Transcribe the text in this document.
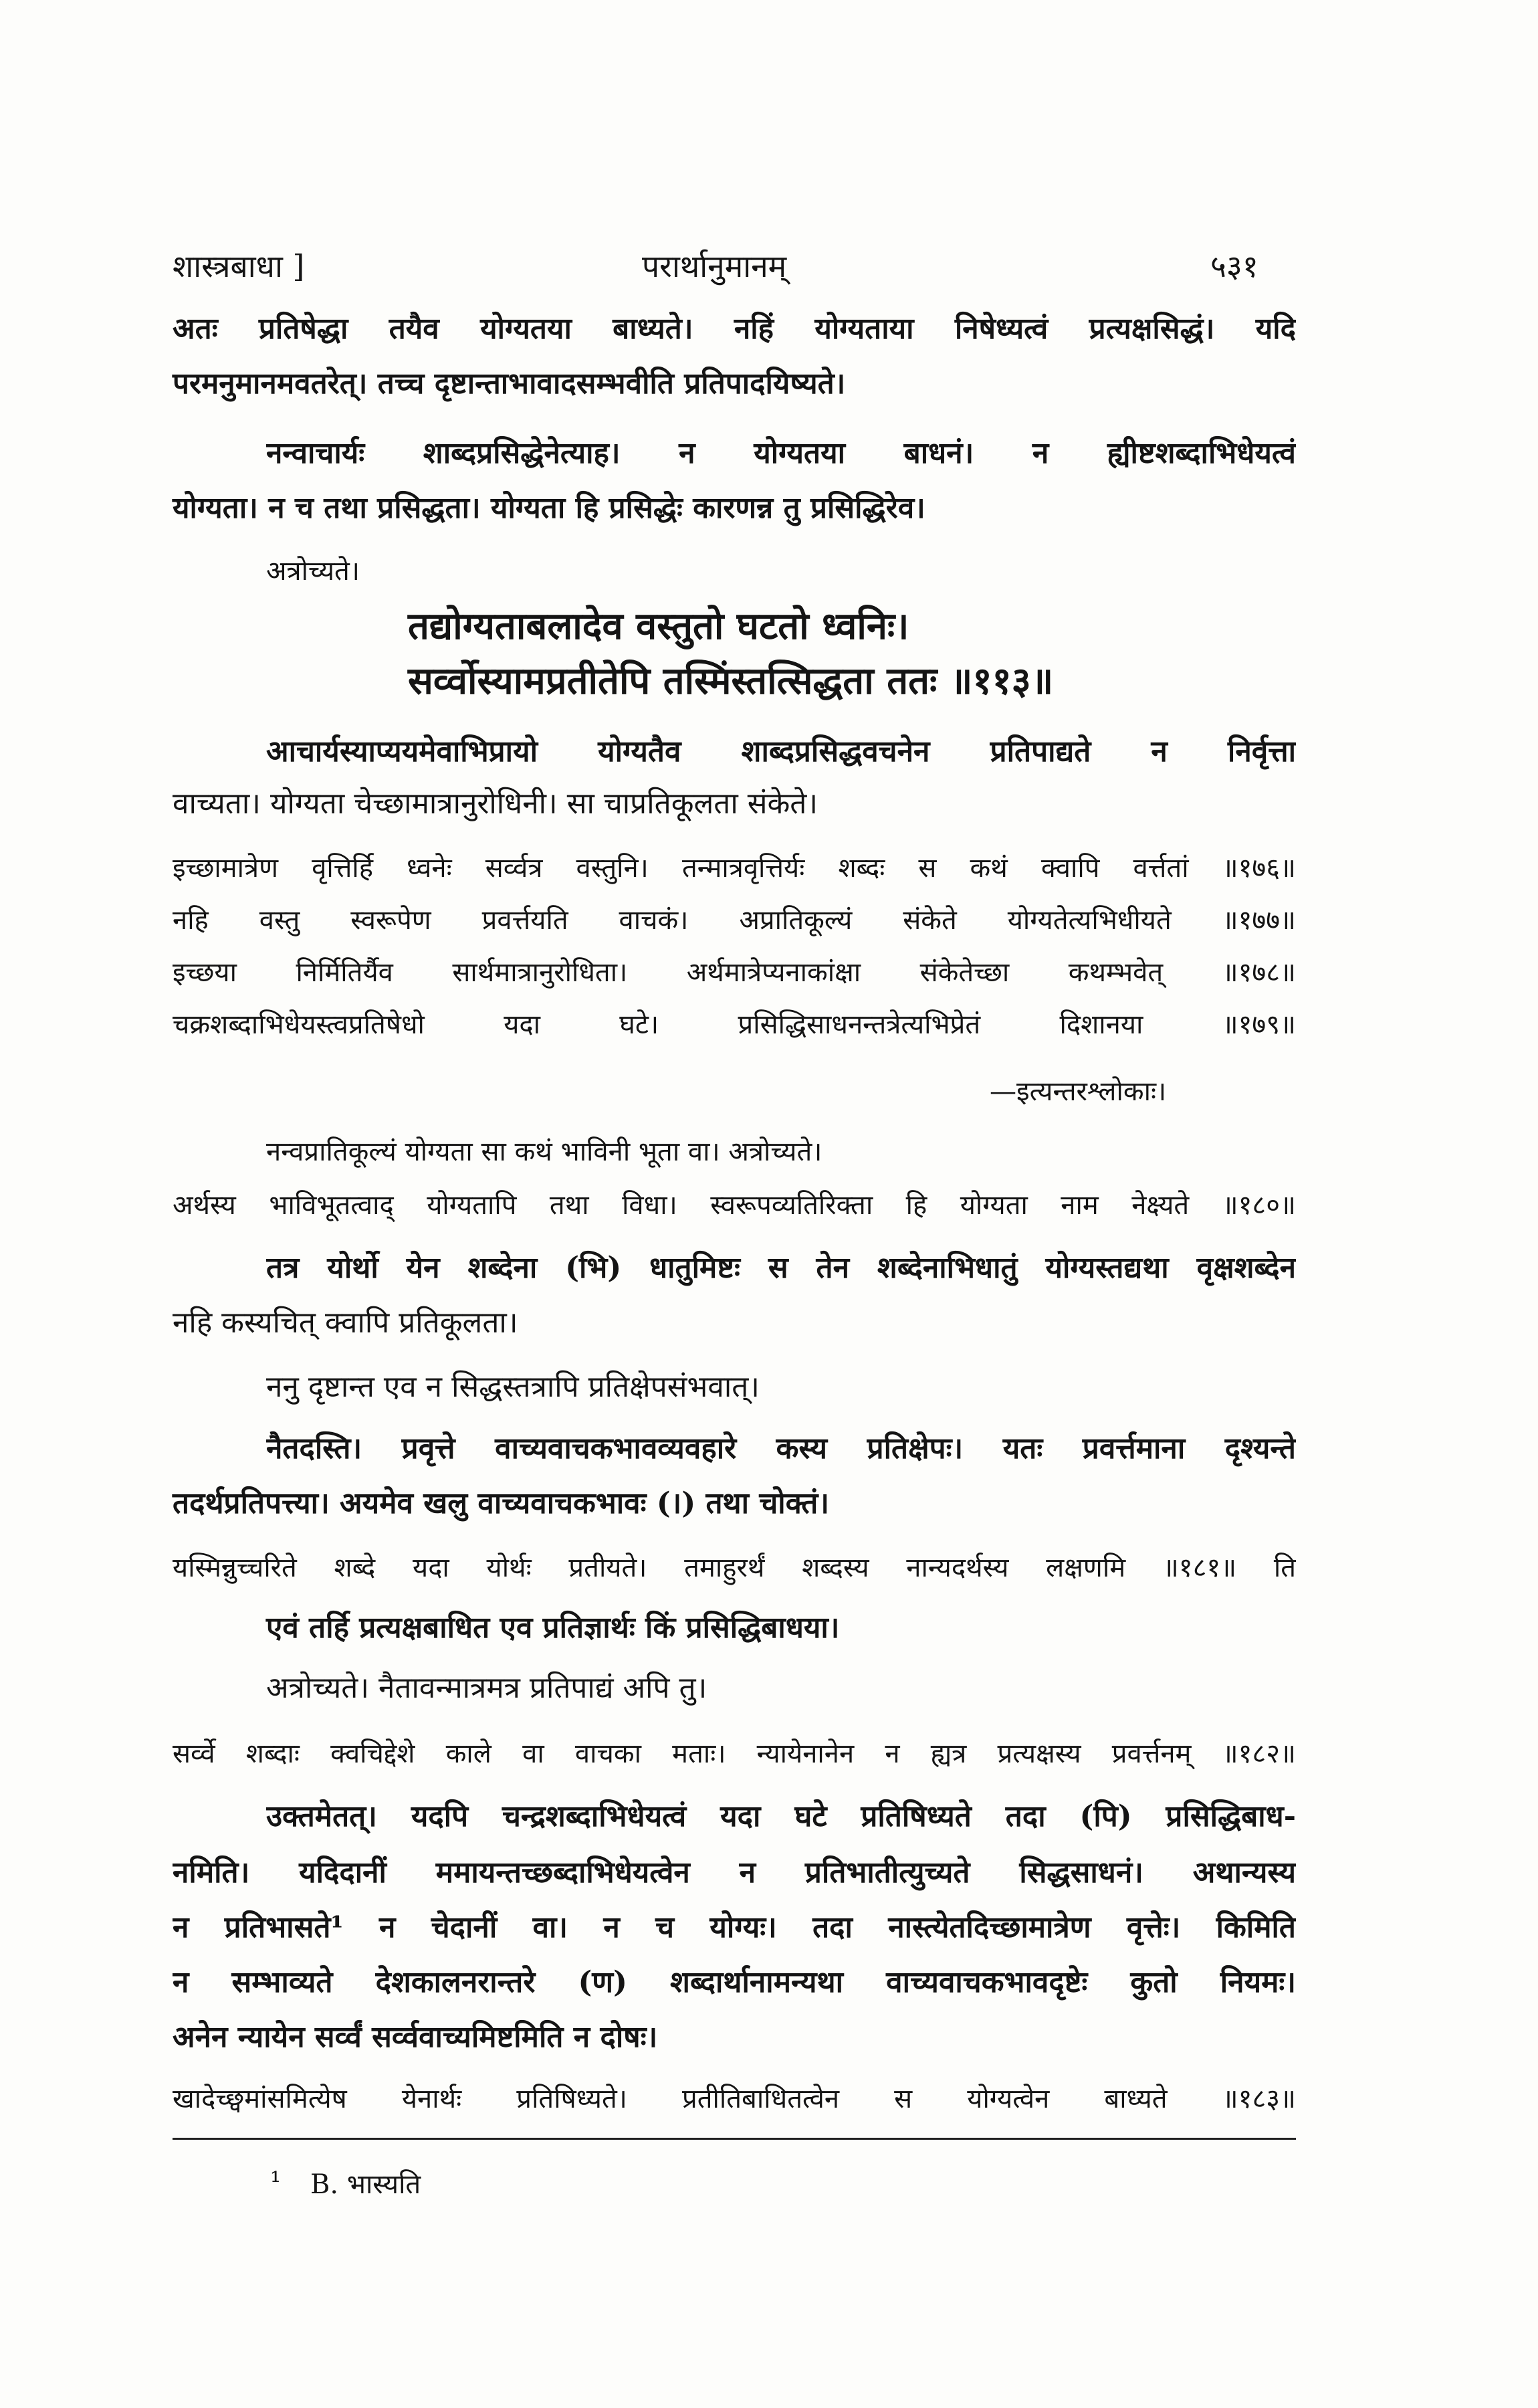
शास्त्रबाधा ]	परार्थानुमानम्	५३१
अतः प्रतिषेद्धा तयैव योग्यतया बाध्यते। नहिं योग्यताया निषेध्यत्वं प्रत्यक्षसिद्धं। यदि
परमनुमानमवतरेत्। तच्च दृष्टान्ताभावादसम्भवीति प्रतिपादयिष्यते।
नन्वाचार्यः शाब्दप्रसिद्धेनेत्याह। न योग्यतया बाधनं। न ह्यीष्टशब्दाभिधेयत्वं
योग्यता। न च तथा प्रसिद्धता। योग्यता हि प्रसिद्धेः कारणन्न तु प्रसिद्धिरेव।
अत्रोच्यते।
तद्योग्यताबलादेव वस्तुतो घटतो ध्वनिः।
सर्व्वोस्यामप्रतीतेपि तस्मिंस्तत्सिद्धता ततः ॥११३॥
आचार्यस्याप्ययमेवाभिप्रायो योग्यतैव शाब्दप्रसिद्धवचनेन प्रतिपाद्यते न निर्वृत्ता
वाच्यता। योग्यता चेच्छामात्रानुरोधिनी। सा चाप्रतिकूलता संकेते।
इच्छामात्रेण वृत्तिर्हि ध्वनेः सर्व्वत्र वस्तुनि। तन्मात्रवृत्तिर्यः शब्दः स कथं क्वापि वर्त्ततां ॥१७६॥
नहि वस्तु स्वरूपेण प्रवर्त्तयति वाचकं। अप्रातिकूल्यं संकेते योग्यतेत्यभिधीयते ॥१७७॥
इच्छया निर्मितिर्यैव सार्थमात्रानुरोधिता। अर्थमात्रेप्यनाकांक्षा संकेतेच्छा कथम्भवेत् ॥१७८॥
चक्रशब्दाभिधेयस्त्वप्रतिषेधो यदा घटे। प्रसिद्धिसाधनन्तत्रेत्यभिप्रेतं दिशानया ॥१७९॥
—इत्यन्तरश्लोकाः।
नन्वप्रातिकूल्यं योग्यता सा कथं भाविनी भूता वा। अत्रोच्यते।
अर्थस्य भाविभूतत्वाद् योग्यतापि तथा विधा। स्वरूपव्यतिरिक्ता हि योग्यता नाम नेक्ष्यते ॥१८०॥
तत्र योर्थो येन शब्देना (भि) धातुमिष्टः स तेन शब्देनाभिधातुं योग्यस्तद्यथा वृक्षशब्देन
नहि कस्यचित् क्वापि प्रतिकूलता।
ननु दृष्टान्त एव न सिद्धस्तत्रापि प्रतिक्षेपसंभवात्।
नैतदस्ति। प्रवृत्ते वाच्यवाचकभावव्यवहारे कस्य प्रतिक्षेपः। यतः प्रवर्त्तमाना दृश्यन्ते
तदर्थप्रतिपत्त्या। अयमेव खलु वाच्यवाचकभावः (।) तथा चोक्तं।
यस्मिन्नुच्चरिते शब्दे यदा योर्थः प्रतीयते। तमाहुरर्थं शब्दस्य नान्यदर्थस्य लक्षणमि ॥१८१॥ ति
एवं तर्हि प्रत्यक्षबाधित एव प्रतिज्ञार्थः किं प्रसिद्धिबाधया।
अत्रोच्यते। नैतावन्मात्रमत्र प्रतिपाद्यं अपि तु।
सर्व्वे शब्दाः क्वचिद्देशे काले वा वाचका मताः। न्यायेनानेन न ह्यत्र प्रत्यक्षस्य प्रवर्त्तनम् ॥१८२॥
उक्तमेतत्। यदपि चन्द्रशब्दाभिधेयत्वं यदा घटे प्रतिषिध्यते तदा (पि) प्रसिद्धिबाध-
नमिति। यदिदानीं ममायन्तच्छब्दाभिधेयत्वेन न प्रतिभातीत्युच्यते सिद्धसाधनं। अथान्यस्य
न प्रतिभासते¹ न चेदानीं वा। न च योग्यः। तदा नास्त्येतदिच्छामात्रेण वृत्तेः। किमिति
न सम्भाव्यते देशकालनरान्तरे (ण) शब्दार्थानामन्यथा वाच्यवाचकभावदृष्टेः कुतो नियमः।
अनेन न्यायेन सर्व्वं सर्व्ववाच्यमिष्टमिति न दोषः।
खादेच्छ्वमांसमित्येष येनार्थः प्रतिषिध्यते। प्रतीतिबाधितत्वेन स योग्यत्वेन बाध्यते ॥१८३॥
¹ B. भास्यति
